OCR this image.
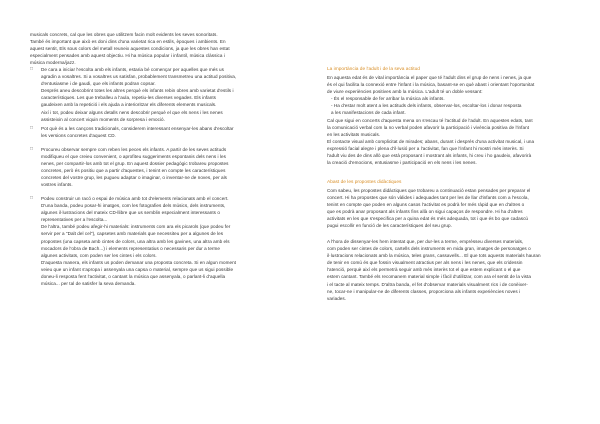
musicals concrets, cal que les obres que utilitzem facin molt evidents les seves sonoritats.
També és important que això es doni dins d'una varietat rica en estils, èpoques i ambients. En
aquest sentit, Els sous colors del metall reuneix aquestes condicions, ja que les obres han estat
especialment pensades amb aquest objectiu. Hi ha música popular i infantil, música clàssica i
música moderna/jazz.
□ De cara a iniciar l'escolta amb els infants, estaria bé començar per aquelles que més us
agradin a vosaltres. Si a vosaltres us satisfan, probablement transmetreu una actitud positiva,
d'entusiasme i de gaudi, que els infants podran copsar.
Després aneu descobrint totes les altres perquè els infants rebin obres amb varietat d'estils i
característiques. Les que treballeu a l'aula, repetiu-les diverses vegades. Els infants
gaudeixen amb la repetició i els ajuda a interioritzar els diferents elements musicals.
Així i tot, podeu deixar alguns detalls nens descobrir perquè el que els nens i les nenes
assisteixin al concert viquin moments de sorpresa i emoció.
□ Pot què és a les cançons tradicionals, considerem interessant ensenyar-les abans d'escoltar
les versions concretes d'aquest CD.
□ Procureu observar sempre com reben les peces els infants. A partir de les seves actituds
modifiqueu el que creieu convenient, o aprofiteu suggeriments espontanis dels nens i les
nenes, per compartir-los amb tot el grup. En aquest dossier pedagògic trobareu propostes
concretes, però és positiu que a partir d'aquestes, i tenint en compte les característiques
concretes del vostre grup, les pugueu adaptar o imaginar, o inventar-ne de noves, per als
vostres infants.
□ Podeu construir un racó o espai de música amb tot d'elements relacionats amb el concert.
D'una banda, podeu posar-hi imatges, com les fotografies dels músics, dels instruments,
algunes il·lustracions del mateix CD-llibre que us semblin especialment interessants o
representatives per a l'escolta...
De l'altra, també podeu afegir-hi materials: instruments com ara els picarols (que podeu fer
servir per a "Dalt del cel"), capsetes amb materials que necessiteu per a algunes de les
propostes (una capseta amb cintes de colors, una altra amb les gavines, una altra amb els
mocadors de l'obra de Bach...) i elements representatius o necessaris per dur a terme
algunes activitats, com poden ser les cintes i els colors.
D'aquesta manera, els infants us poden demanar una proposta concreta. Si en algun moment
veieu que un infant s'apropa i assenyala una capsa o material, sempre que us sigui possible
doneu-li resposta fent l'activitat, o cantant la música que assenyala, o parlant-li d'aquella
música... per tal de satisfer la seva demanda.
La importància de l'adult i de la seva actitud
En aquesta edat és de vital importància el paper que té l'adult dins el grup de nens i nenes, ja que
és el qui facilita la connexió entre l'infant i la música, basant-se en què abast i orientant l'oportunitat
de viure experiències positives amb la música. L'adult té un doble vessant:
- És el responsable de fer arribar la música als infants.
- Ha d'estar molt atent a les actituds dels infants, observar-los, escoltar-los i donar resposta
a les manifestacions de cada infant.
Cal que sigui en concerts d'aquesta mena on s'escau té l'actitud de l'adult. En aquestes edats, tant
la comunicació verbal com la no verbal poden afavorir la participació i vivència positiva de l'infant
en les activitats musicals.
El contacte visual amb complicitat de mirades; abans, durant i després d'una activitat musical, i una
expressió facial alegre i plena d'il·lusió per a l'activitat, fan que l'infant hi mostri més interès. Si
l'adult viu des de dins allò que està proposant i mostrant als infants, hi creu i ho gaudeix, afavorirà
la creació d'emocions, entusiasme i participació en els nens i les nenes.
Abast de les propostes didàctiques
Com sabeu, les propostes didàctiques que trobareu a continuació estan pensades per preparar el
concert. Hi ha propostes que són vàlides i adequades tant per les de llar d'infants com a l'escola,
tenint en compte que poden en alguns casos l'activitat es podrà fer més ràpid que en d'altres o
que es podrà anar proposant als infants fins allà on sigui capaços de respondre. Hi ha d'altres
activitats en les que s'especifica per a quina edat és més adequada, tot i que és bo que cadascú
pugui escollir en funció de les característiques del seu grup.
A l'hora de dissenyar-les hem intentat que, per dur-les a terme, emprèsseu diverses materials,
com poden ser cintes de colors, cartells dels instruments en mida gran, imatges de personatges o
il·lustracions relacionats amb la música, teles grans, cassavells... El que tots aquests materials hauran
de tenir en comú és que fossin visualment atractius per als nens i les nenes, que els cridessin
l'atenció, perquè així els permetrà seguir amb més interès tot el que estem explicant o el que
estem cantant. També els recomanem material simple i fàcil d'utilitzar, com ara el sentit de la vista
i el tacte al mateix temps. D'altra banda, el fet d'observar materials visualment rics i de conèixer-
ne, tocar-ne i manipular-ne de diferents classes, proporciona als infants experiències noves i
variades.
